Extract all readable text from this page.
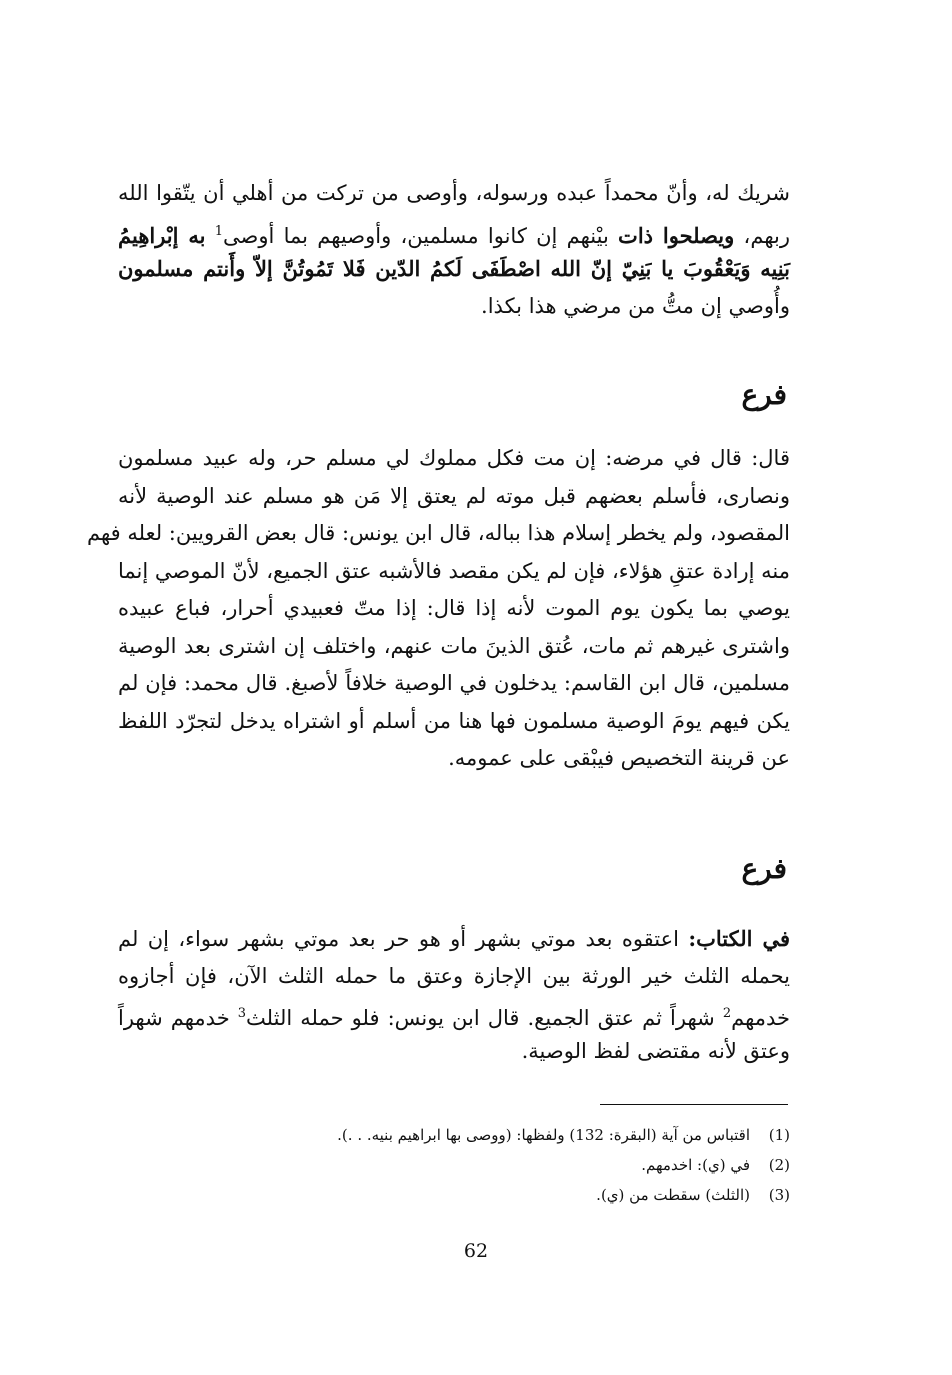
شريك له، وأنّ محمداً عبده ورسوله، وأوصى من تركت من أهلي أن يتّقوا الله
ربهم، ويصلحوا ذات بيْنهم إن كانوا مسلمين، وأوصيهم بما أوصى$^1$ به إبْراهِيمُ
بَنِيه وَيَعْقُوبَ يا بَنِيّ إنّ الله اصْطَفَى لَكمُ الدّين فَلا تَمُوتُنَّ إلاّ وأَنتم مسلمون
وأُوصي إن متُّ من مرضي هذا بكذا.
فرع
قال: قال في مرضه: إن مت فكل مملوك لي مسلم حر، وله عبيد مسلمون
ونصارى، فأسلم بعضهم قبل موته لم يعتق إلا مَن هو مسلم عند الوصية لأنه
المقصود، ولم يخطر إسلام هذا بباله، قال ابن يونس: قال بعض القرويين: لعله فهم
منه إرادة عتقِ هؤلاء، فإن لم يكن مقصد فالأشبه عتق الجميع، لأنّ الموصي إنما
يوصي بما يكون يوم الموت لأنه إذا قال: إذا متّ فعبيدي أحرار، فباع عبيده
واشترى غيرهم ثم مات، عُتق الذينَ مات عنهم، واختلف إن اشترى بعد الوصية
مسلمين، قال ابن القاسم: يدخلون في الوصية خلافاً لأصبغ. قال محمد: فإن لم
يكن فيهم يومَ الوصية مسلمون فها هنا من أسلم أو اشتراه يدخل لتجرّد اللفظ
عن قرينة التخصيص فيبْقى على عمومه.
فرع
في الكتاب: اعتقوه بعد موتي بشهر أو هو حر بعد موتي بشهر سواء، إن لم
يحمله الثلث خير الورثة بين الإجازة وعتق ما حمله الثلث الآن، فإن أجازوه
خدمهم$^2$ شهراً ثم عتق الجميع. قال ابن يونس: فلو حمله الثلث$^3$ خدمهم شهراً
وعتق لأنه مقتضى لفظ الوصية.
(1)اقتباس من آية (البقرة: 132) ولفظها: (ووصى بها ابراهيم بنيه. . .).
(2)في (ي): اخدمهم.
(3)(الثلث) سقطت من (ي).
62
